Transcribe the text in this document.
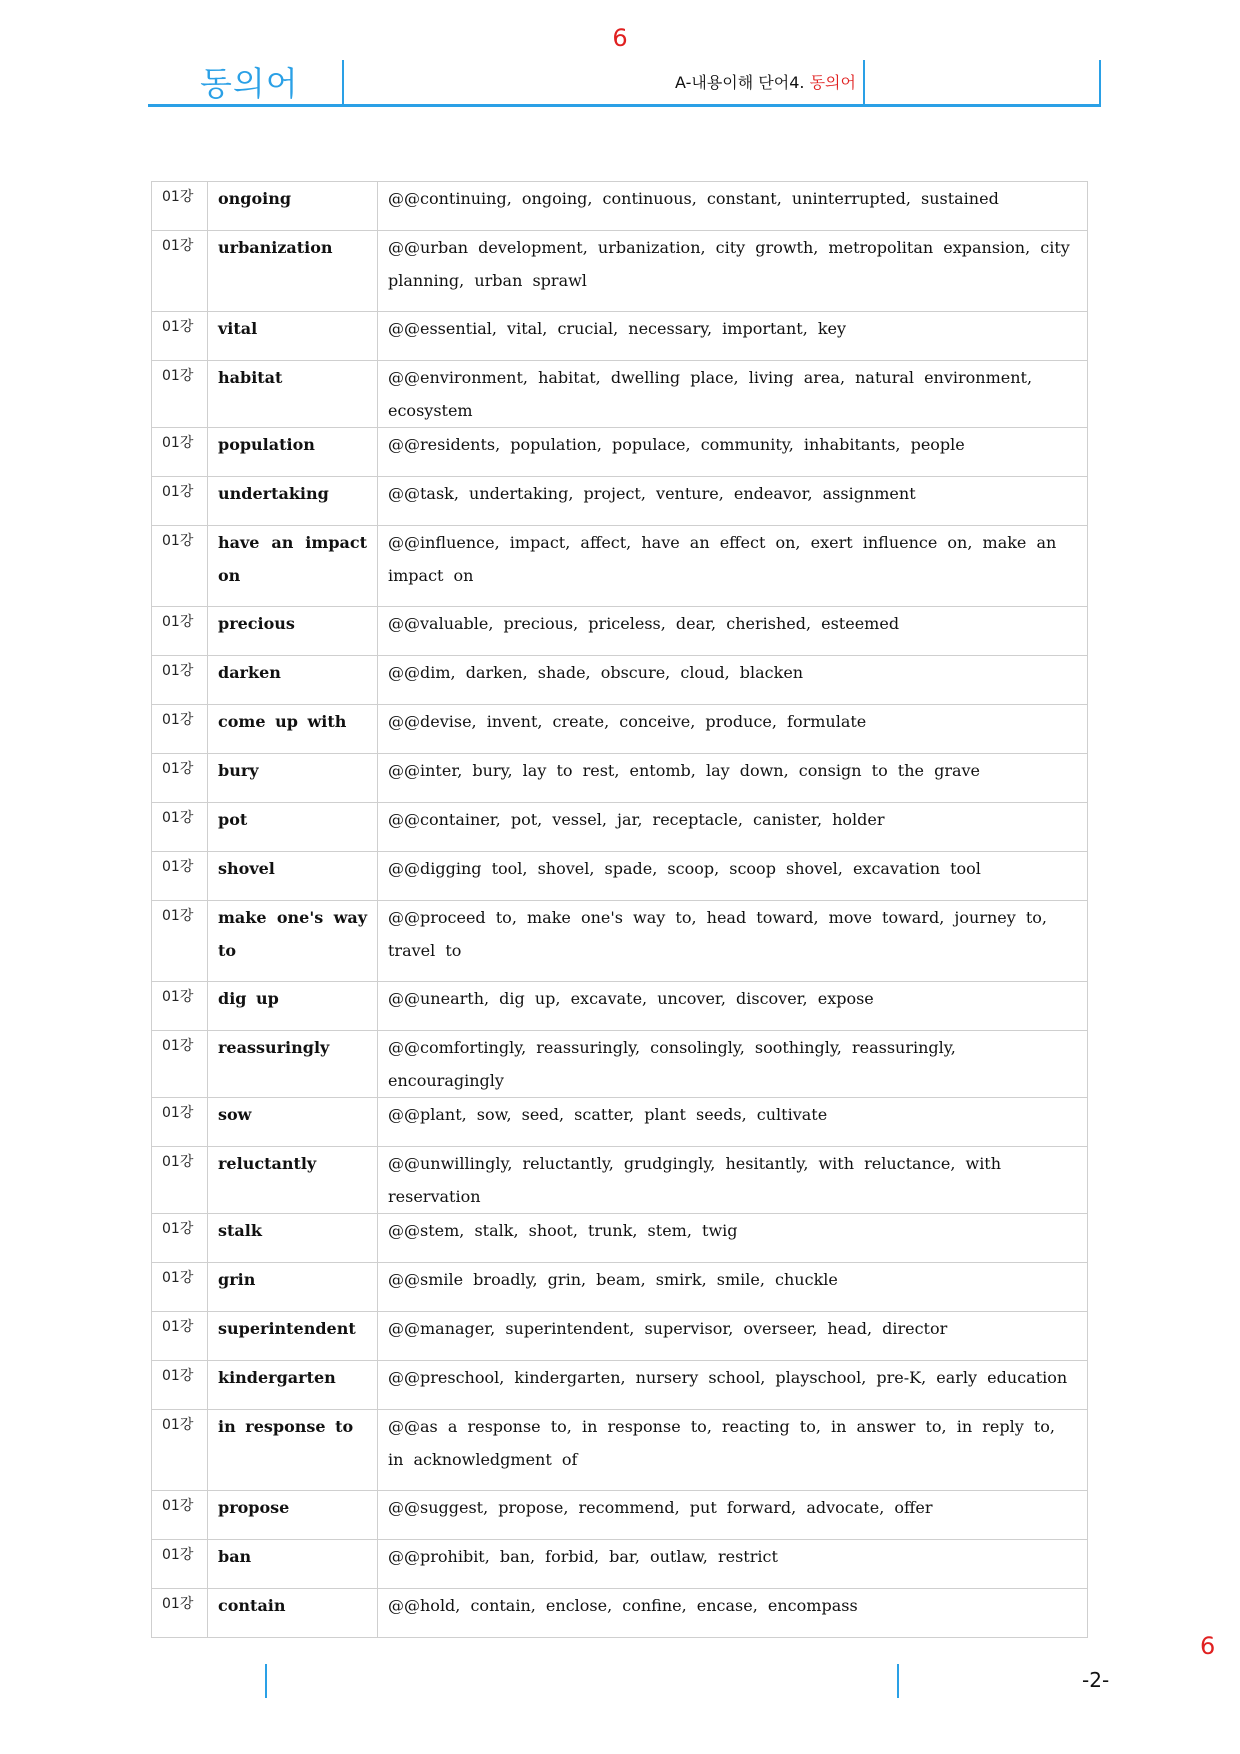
6
동의어	A-내용이해 단어4. 동의어
01강	ongoing	@@continuing, ongoing, continuous, constant, uninterrupted, sustained
01강	urbanization	@@urban development, urbanization, city growth, metropolitan expansion, city planning, urban sprawl
01강	vital	@@essential, vital, crucial, necessary, important, key
01강	habitat	@@environment, habitat, dwelling place, living area, natural environment, ecosystem
01강	population	@@residents, population, populace, community, inhabitants, people
01강	undertaking	@@task, undertaking, project, venture, endeavor, assignment
01강	have an impact on	@@influence, impact, affect, have an effect on, exert influence on, make an impact on
01강	precious	@@valuable, precious, priceless, dear, cherished, esteemed
01강	darken	@@dim, darken, shade, obscure, cloud, blacken
01강	come up with	@@devise, invent, create, conceive, produce, formulate
01강	bury	@@inter, bury, lay to rest, entomb, lay down, consign to the grave
01강	pot	@@container, pot, vessel, jar, receptacle, canister, holder
01강	shovel	@@digging tool, shovel, spade, scoop, scoop shovel, excavation tool
01강	make one's way to	@@proceed to, make one's way to, head toward, move toward, journey to, travel to
01강	dig up	@@unearth, dig up, excavate, uncover, discover, expose
01강	reassuringly	@@comfortingly, reassuringly, consolingly, soothingly, reassuringly, encouragingly
01강	sow	@@plant, sow, seed, scatter, plant seeds, cultivate
01강	reluctantly	@@unwillingly, reluctantly, grudgingly, hesitantly, with reluctance, with reservation
01강	stalk	@@stem, stalk, shoot, trunk, stem, twig
01강	grin	@@smile broadly, grin, beam, smirk, smile, chuckle
01강	superintendent	@@manager, superintendent, supervisor, overseer, head, director
01강	kindergarten	@@preschool, kindergarten, nursery school, playschool, pre-K, early education
01강	in response to	@@as a response to, in response to, reacting to, in answer to, in reply to, in acknowledgment of
01강	propose	@@suggest, propose, recommend, put forward, advocate, offer
01강	ban	@@prohibit, ban, forbid, bar, outlaw, restrict
01강	contain	@@hold, contain, enclose, confine, encase, encompass
-2-
6
